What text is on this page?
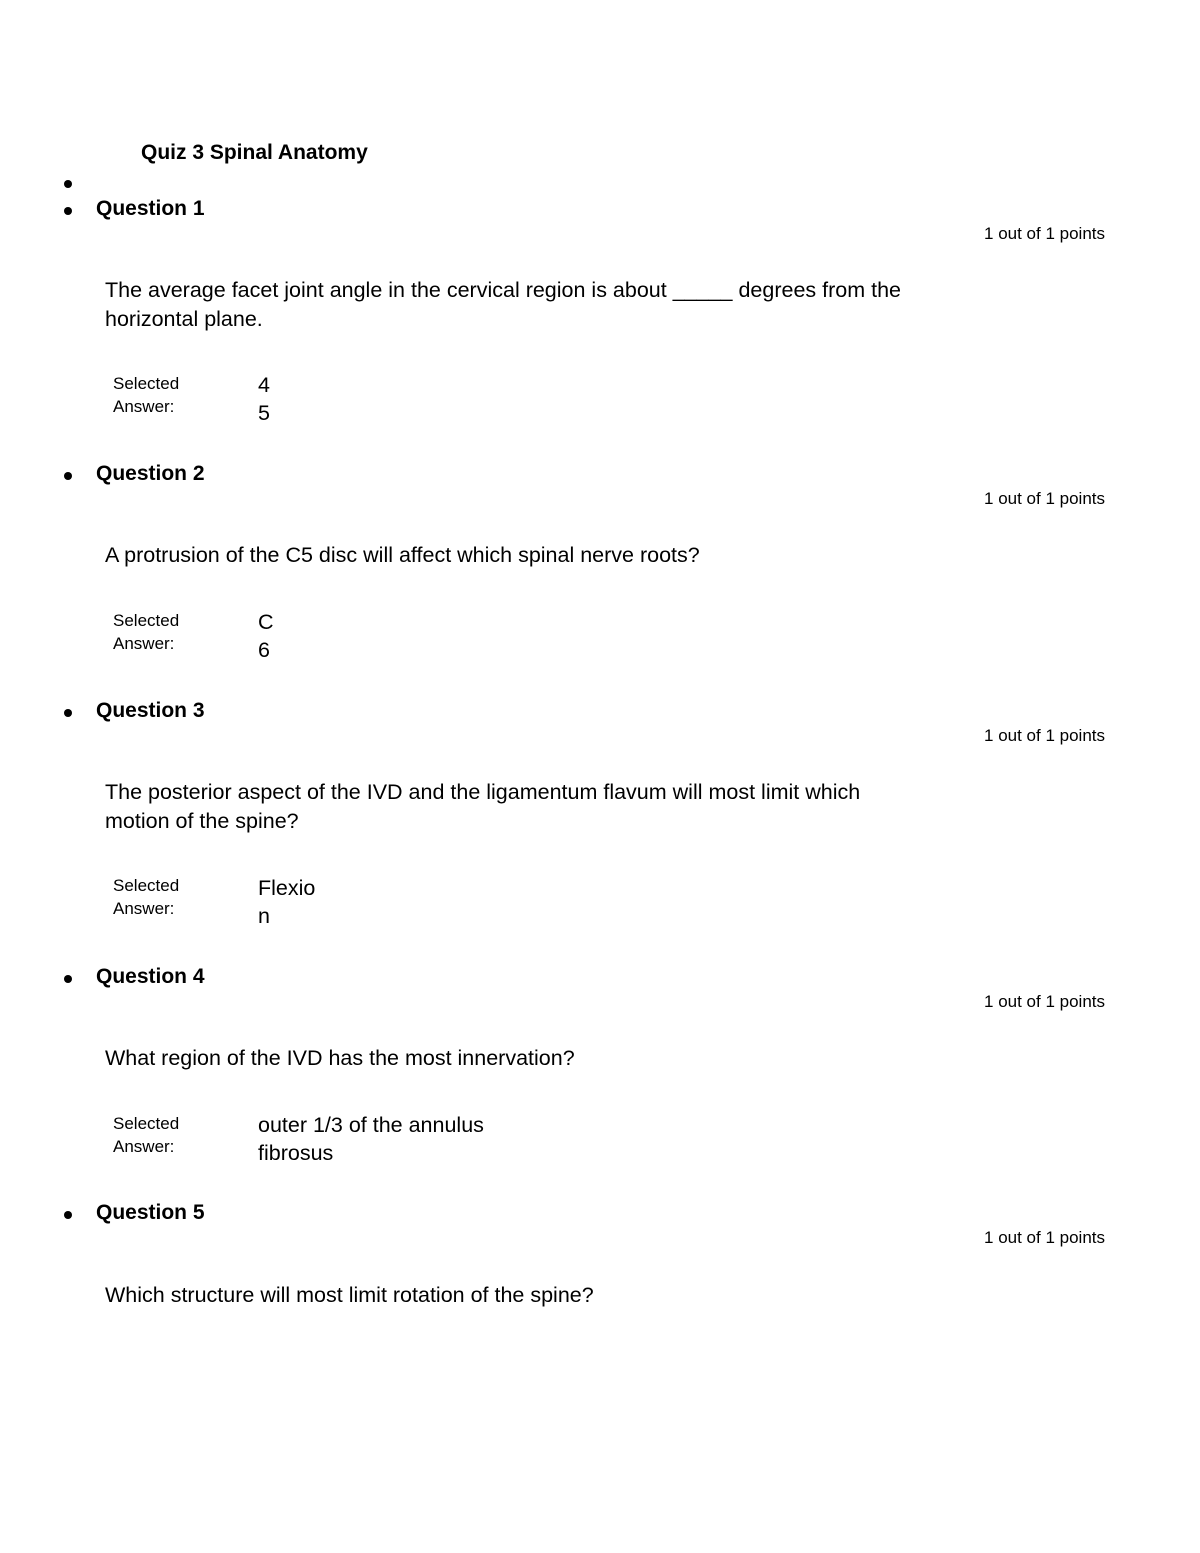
Quiz 3 Spinal Anatomy
Question 1
1 out of 1 points
The average facet joint angle in the cervical region is about _____ degrees from the
horizontal plane.
Selected
Answer:
4
5
Question 2
1 out of 1 points
A protrusion of the C5 disc will affect which spinal nerve roots?
Selected
Answer:
C
6
Question 3
1 out of 1 points
The posterior aspect of the IVD and the ligamentum flavum will most limit which
motion of the spine?
Selected
Answer:
Flexio
n
Question 4
1 out of 1 points
What region of the IVD has the most innervation?
Selected
Answer:
outer 1/3 of the annulus
fibrosus
Question 5
1 out of 1 points
Which structure will most limit rotation of the spine?
